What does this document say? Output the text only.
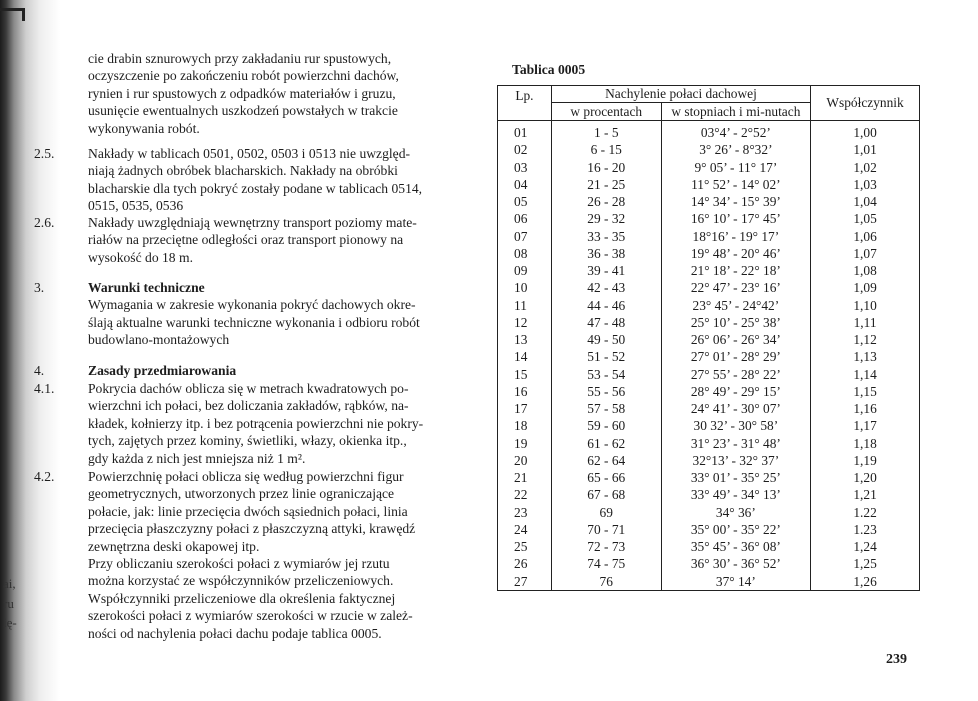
ai,
ru
ię-

cie drabin sznurowych przy zakładaniu rur spustowych,

oczyszczenie po zakończeniu robót powierzchni dachów,

rynien i rur spustowych z odpadków materiałów i gruzu,

usunięcie ewentualnych uszkodzeń powstałych w trakcie

wykonywania robót.

2.5.	Nakłady w tablicach 0501, 0502, 0503 i 0513 nie uwzględ-

niają żadnych obróbek blacharskich. Nakłady na obróbki

blacharskie dla tych pokryć zostały podane w tablicach 0514,

0515, 0535, 0536

2.6.	Nakłady uwzględniają wewnętrzny transport poziomy mate-

riałów na przeciętne odległości oraz transport pionowy na

wysokość do 18 m.

3.	Warunki techniczne

Wymagania w zakresie wykonania pokryć dachowych okre-

ślają aktualne warunki techniczne wykonania i odbioru robót

budowlano-montażowych

4.	Zasady przedmiarowania
4.1.	Pokrycia dachów oblicza się w metrach kwadratowych po-

wierzchni ich połaci, bez doliczania zakładów, rąbków, na-

kładek, kołnierzy itp. i bez potrącenia powierzchni nie pokry-

tych, zajętych przez kominy, świetliki, włazy, okienka itp.,

gdy każda z nich jest mniejsza niż 1 m².

4.2.	Powierzchnię połaci oblicza się według powierzchni figur

geometrycznych, utworzonych przez linie ograniczające

połacie, jak: linie przecięcia dwóch sąsiednich połaci, linia

przecięcia płaszczyzny połaci z płaszczyzną attyki, krawędź

zewnętrzna deski okapowej itp.

Przy obliczaniu szerokości połaci z wymiarów jej rzutu

można korzystać ze współczynników przeliczeniowych.

Współczynniki przeliczeniowe dla określenia faktycznej

szerokości połaci z wymiarów szerokości w rzucie w zależ-

ności od nachylenia połaci dachu podaje tablica 0005.

Tablica 0005
Lp.	Nachylenie połaci dachowej		Współczynnik
	w procentach	w stopniach i mi-nutach	
01	1 - 5	03°4’ - 2°52’	1,00
02	6 - 15	3° 26’ - 8°32’	1,01
03	16 - 20	9° 05’ - 11° 17’	1,02
04	21 - 25	11° 52’ - 14° 02’	1,03
05	26 - 28	14° 34’ - 15° 39’	1,04
06	29 - 32	16° 10’ - 17° 45’	1,05
07	33 - 35	18°16’ - 19° 17’	1,06
08	36 - 38	19° 48’ - 20° 46’	1,07
09	39 - 41	21° 18’ - 22° 18’	1,08
10	42 - 43	22° 47’ - 23° 16’	1,09
11	44 - 46	23° 45’ - 24°42’	1,10
12	47 - 48	25° 10’ - 25° 38’	1,11
13	49 - 50	26° 06’ - 26° 34’	1,12
14	51 - 52	27° 01’ - 28° 29’	1,13
15	53 - 54	27° 55’ - 28° 22’	1,14
16	55 - 56	28° 49’ - 29° 15’	1,15
17	57 - 58	24° 41’ - 30° 07’	1,16
18	59 - 60	30 32’ - 30° 58’	1,17
19	61 - 62	31° 23’ - 31° 48’	1,18
20	62 - 64	32°13’ - 32° 37’	1,19
21	65 - 66	33° 01’ - 35° 25’	1,20
22	67 - 68	33° 49’ - 34° 13’	1,21
23	69	34° 36’	1.22
24	70 - 71	35° 00’ - 35° 22’	1.23
25	72 - 73	35° 45’ - 36° 08’	1,24
26	74 - 75	36° 30’ - 36° 52’	1,25
27	76	37° 14’	1,26
239
